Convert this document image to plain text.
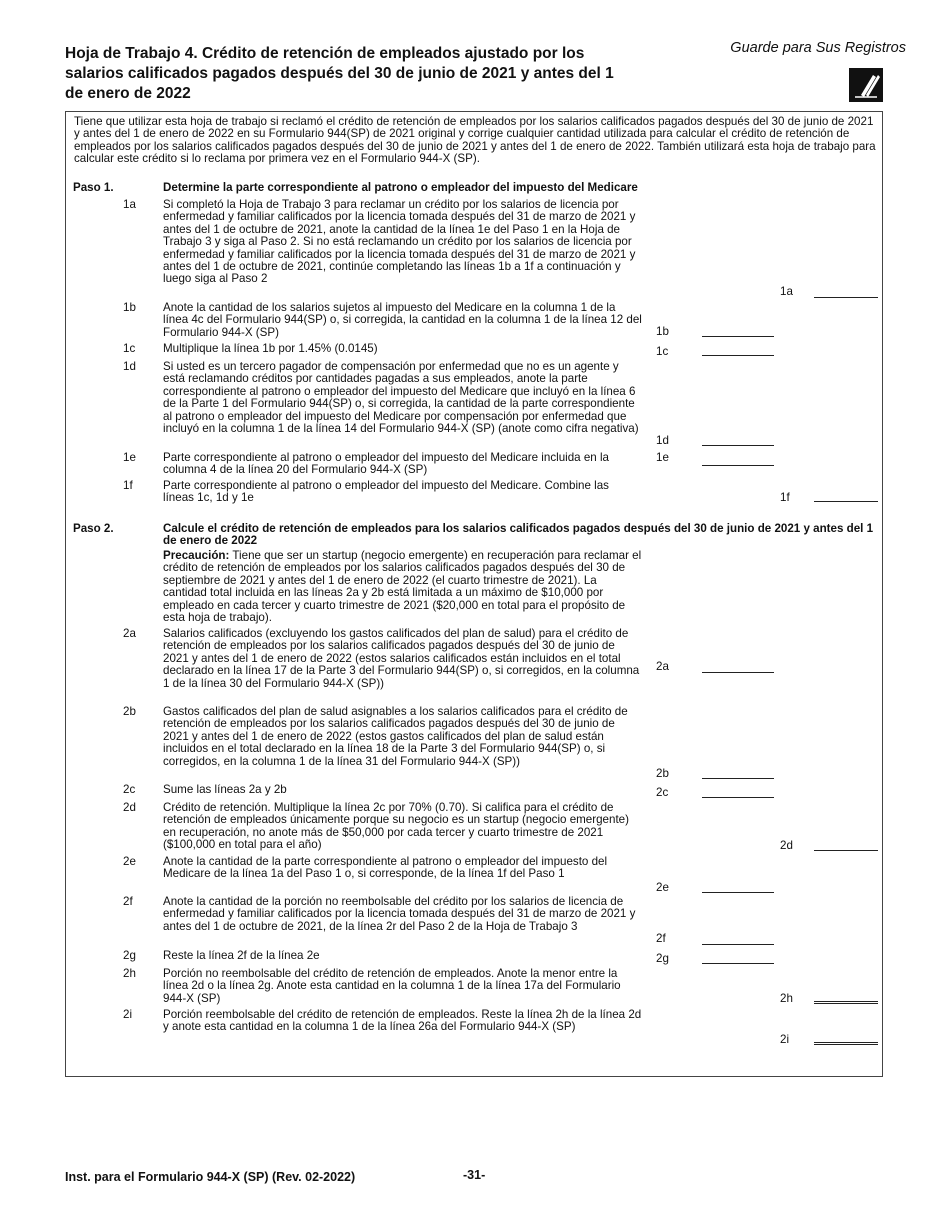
Hoja de Trabajo 4. Crédito de retención de empleados ajustado por los salarios calificados pagados después del 30 de junio de 2021 y antes del 1 de enero de 2022
Guarde para Sus Registros

Tiene que utilizar esta hoja de trabajo si reclamó el crédito de retención de empleados por los salarios calificados pagados después del 30 de junio de 2021 y antes del 1 de enero de 2022 en su Formulario 944(SP) de 2021 original y corrige cualquier cantidad utilizada para calcular el crédito de retención de empleados por los salarios calificados pagados después del 30 de junio de 2021 y antes del 1 de enero de 2022. También utilizará esta hoja de trabajo para calcular este crédito si lo reclama por primera vez en el Formulario 944-X (SP).

Paso 1.	Determine la parte correspondiente al patrono o empleador del impuesto del Medicare
1a Si completó la Hoja de Trabajo 3 para reclamar un crédito por los salarios de licencia por enfermedad y familiar calificados por la licencia tomada después del 31 de marzo de 2021 y antes del 1 de octubre de 2021, anote la cantidad de la línea 1e del Paso 1 en la Hoja de Trabajo 3 y siga al Paso 2. Si no está reclamando un crédito por los salarios de licencia por enfermedad y familiar calificados por la licencia tomada después del 31 de marzo de 2021 y antes del 1 de octubre de 2021, continúe completando las líneas 1b a 1f a continuación y luego siga al Paso 2
1a
1b Anote la cantidad de los salarios sujetos al impuesto del Medicare en la columna 1 de la línea 4c del Formulario 944(SP) o, si corregida, la cantidad en la columna 1 de la línea 12 del Formulario 944-X (SP)	1b
1c Multiplique la línea 1b por 1.45% (0.0145)	1c
1d Si usted es un tercero pagador de compensación por enfermedad que no es un agente y está reclamando créditos por cantidades pagadas a sus empleados, anote la parte correspondiente al patrono o empleador del impuesto del Medicare que incluyó en la línea 6 de la Parte 1 del Formulario 944(SP) o, si corregida, la cantidad de la parte correspondiente al patrono o empleador del impuesto del Medicare por compensación por enfermedad que incluyó en la columna 1 de la línea 14 del Formulario 944-X (SP) (anote como cifra negativa)
1d
1e Parte correspondiente al patrono o empleador del impuesto del Medicare incluida en la columna 4 de la línea 20 del Formulario 944-X (SP)
1e
1f	Parte correspondiente al patrono o empleador del impuesto del Medicare. Combine las líneas 1c, 1d y 1e	1f
Paso 2.	Calcule el crédito de retención de empleados para los salarios calificados pagados después del 30 de junio de 2021 y antes del 1 de enero de 2022
Precaución: Tiene que ser un startup (negocio emergente) en recuperación para reclamar el crédito de retención de empleados por los salarios calificados pagados después del 30 de septiembre de 2021 y antes del 1 de enero de 2022 (el cuarto trimestre de 2021). La cantidad total incluida en las líneas 2a y 2b está limitada a un máximo de $10,000 por empleado en cada tercer y cuarto trimestre de 2021 ($20,000 en total para el propósito de esta hoja de trabajo).
2a Salarios calificados (excluyendo los gastos calificados del plan de salud) para el crédito de retención de empleados por los salarios calificados pagados después del 30 de junio de 2021 y antes del 1 de enero de 2022 (estos salarios calificados están incluidos en el total declarado en la línea 17 de la Parte 3 del Formulario 944(SP) o, si corregidos, en la columna 1 de la línea 30 del Formulario 944-X (SP))
2a
2b Gastos calificados del plan de salud asignables a los salarios calificados para el crédito de retención de empleados por los salarios calificados pagados después del 30 de junio de 2021 y antes del 1 de enero de 2022 (estos gastos calificados del plan de salud están incluidos en el total declarado en la línea 18 de la Parte 3 del Formulario 944(SP) o, si corregidos, en la columna 1 de la línea 31 del Formulario 944-X (SP))
2b
2c Sume las líneas 2a y 2b	2c
2d Crédito de retención. Multiplique la línea 2c por 70% (0.70). Si califica para el crédito de retención de empleados únicamente porque su negocio es un startup (negocio emergente) en recuperación, no anote más de $50,000 por cada tercer y cuarto trimestre de 2021 ($100,000 en total para el año)	2d
2e Anote la cantidad de la parte correspondiente al patrono o empleador del impuesto del Medicare de la línea 1a del Paso 1 o, si corresponde, de la línea 1f del Paso 1
2e
2f	Anote la cantidad de la porción no reembolsable del crédito por los salarios de licencia de enfermedad y familiar calificados por la licencia tomada después del 31 de marzo de 2021 y antes del 1 de octubre de 2021, de la línea 2r del Paso 2 de la Hoja de Trabajo 3
2f
2g Reste la línea 2f de la línea 2e	2g
2h Porción no reembolsable del crédito de retención de empleados. Anote la menor entre la línea 2d o la línea 2g. Anote esta cantidad en la columna 1 de la línea 17a del Formulario 944-X (SP)	2h
2i	Porción reembolsable del crédito de retención de empleados. Reste la línea 2h de la línea 2d y anote esta cantidad en la columna 1 de la línea 26a del Formulario 944-X (SP)
2i
Inst. para el Formulario 944-X (SP) (Rev. 02-2022)	-31-
